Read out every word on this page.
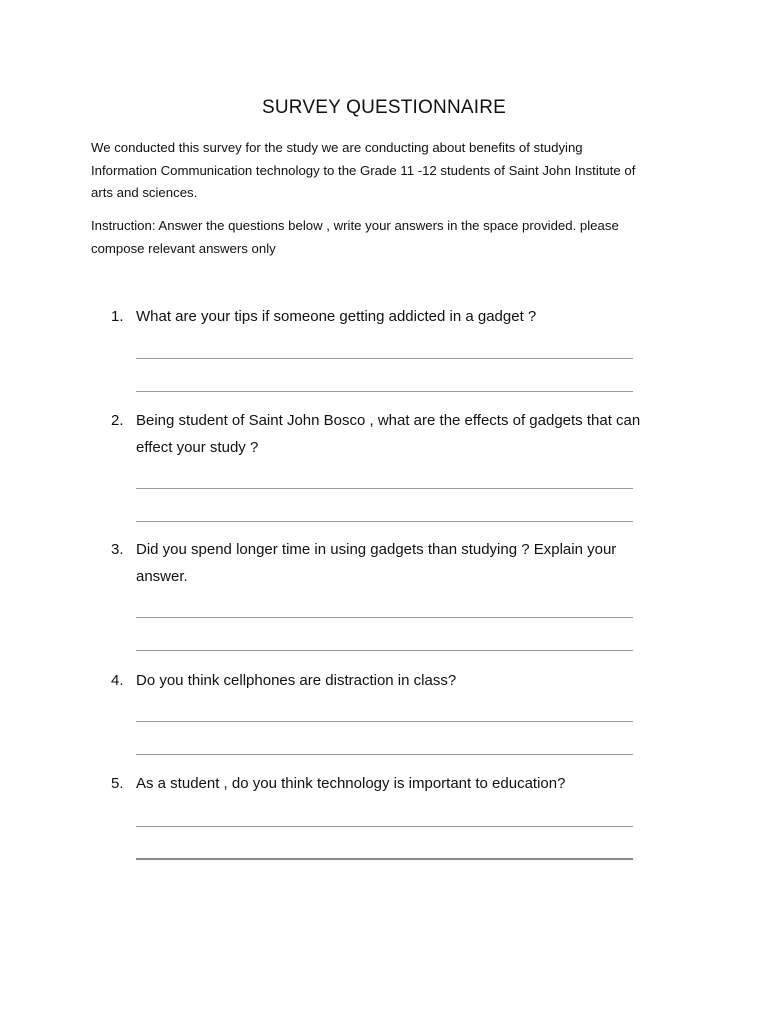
SURVEY QUESTIONNAIRE
We conducted this survey for the study we are conducting about benefits of studying
Information Communication technology to the Grade 11 -12 students of Saint John Institute of
arts and sciences.
Instruction: Answer the questions below , write your answers in the space provided. please
compose relevant answers only
1. What are your tips if someone getting addicted in a gadget ?
2. Being student of Saint John Bosco , what are the effects of gadgets that can
effect your study ?
3. Did you spend longer time in using gadgets than studying ? Explain your
answer.
4. Do you think cellphones are distraction in class?
5. As a student , do you think technology is important to education?
